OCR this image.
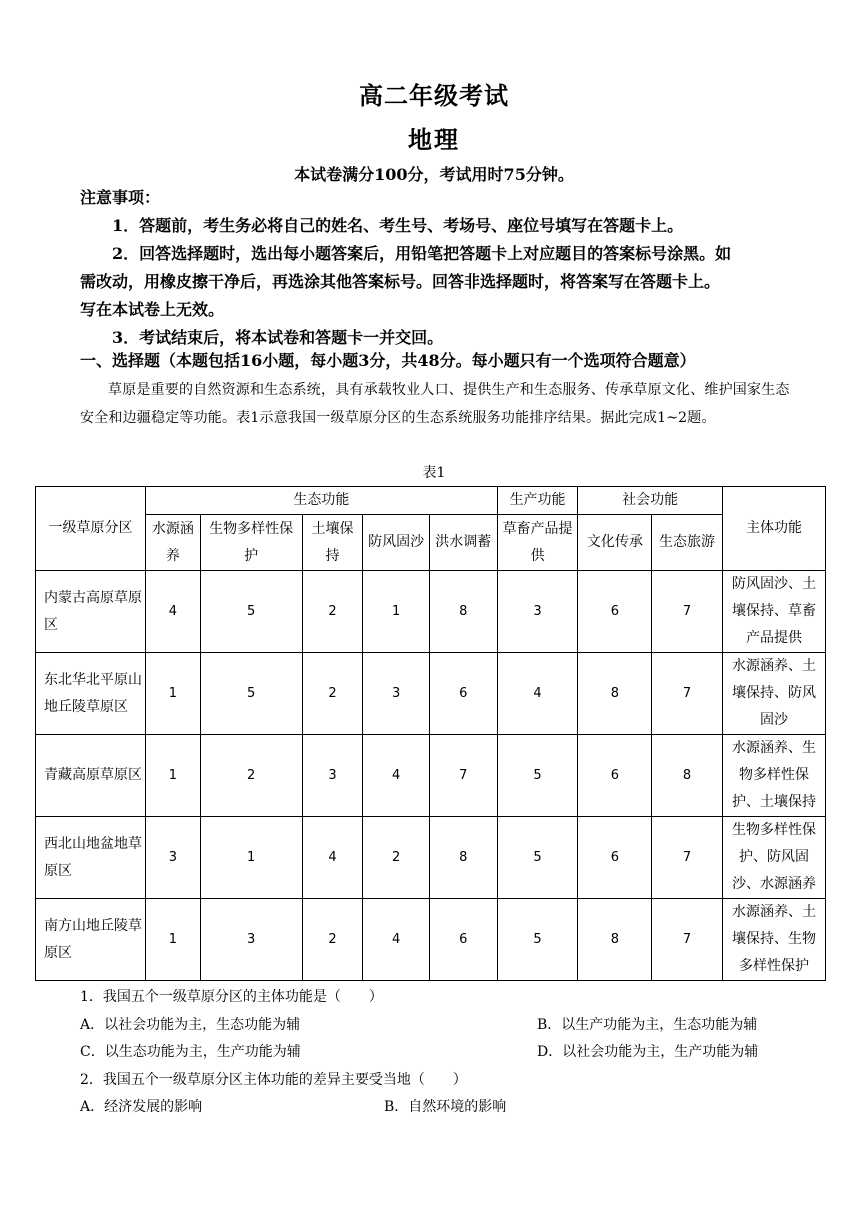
高二年级考试
地理
本试卷满分100分，考试用时75分钟。
注意事项：
1．答题前，考生务必将自己的姓名、考生号、考场号、座位号填写在答题卡上。
2．回答选择题时，选出每小题答案后，用铅笔把答题卡上对应题目的答案标号涂黑。如
需改动，用橡皮擦干净后，再选涂其他答案标号。回答非选择题时，将答案写在答题卡上。
写在本试卷上无效。
3．考试结束后，将本试卷和答题卡一并交回。
一、选择题（本题包括16小题，每小题3分，共48分。每小题只有一个选项符合题意）
草原是重要的自然资源和生态系统，具有承载牧业人口、提供生产和生态服务、传承草原文化、维护国家生态安全和边疆稳定等功能。表1示意我国一级草原分区的生态系统服务功能排序结果。据此完成1~2题。
表1
一级草原分区	生态功能					生产功能	社会功能		主体功能
	水源涵养	生物多样性保护	土壤保持	防风固沙	洪水调蓄	草畜产品提供	文化传承	生态旅游	
内蒙古高原草原区	4	5	2	1	8	3	6	7	防风固沙、土壤保持、草畜产品提供
东北华北平原山地丘陵草原区	1	5	2	3	6	4	8	7	水源涵养、土壤保持、防风固沙
青藏高原草原区	1	2	3	4	7	5	6	8	水源涵养、生物多样性保护、土壤保持
西北山地盆地草原区	3	1	4	2	8	5	6	7	生物多样性保护、防风固沙、水源涵养
南方山地丘陵草原区	1	3	2	4	6	5	8	7	水源涵养、土壤保持、生物多样性保护
1．我国五个一级草原分区的主体功能是（　　）
A．以社会功能为主，生态功能为辅	B．以生产功能为主，生态功能为辅
C．以生态功能为主，生产功能为辅	D．以社会功能为主，生产功能为辅
2．我国五个一级草原分区主体功能的差异主要受当地（　　）
A．经济发展的影响	B．自然环境的影响
